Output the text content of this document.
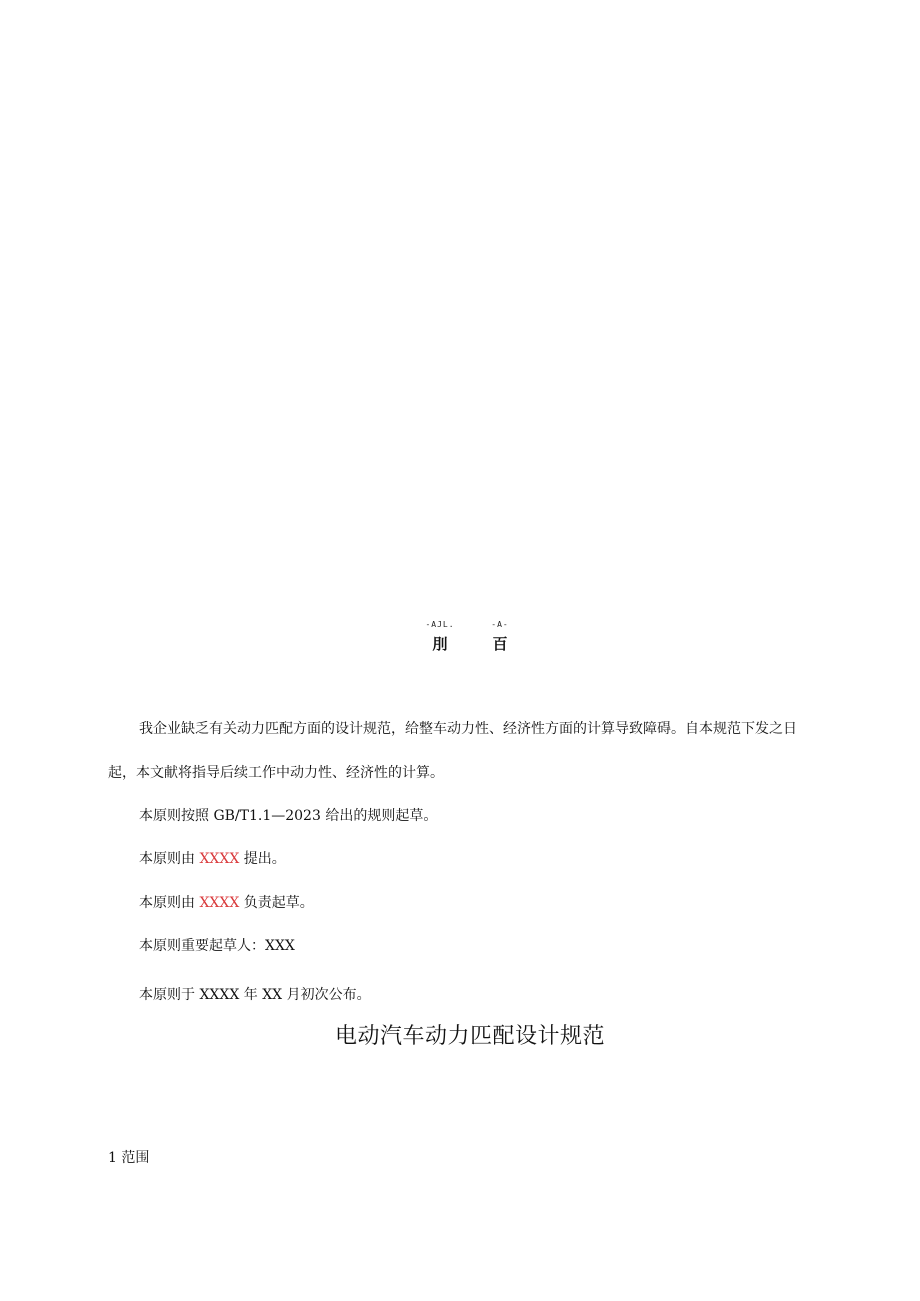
-AJL.
刖
-A-
百
我企业缺乏有关动力匹配方面的设计规范，给整车动力性、经济性方面的计算导致障碍。自本规范下发之日
起，本文献将指导后续工作中动力性、经济性的计算。
本原则按照 GB/T1.1—2023 给出的规则起草。
本原则由 XXXX 提出。
本原则由 XXXX 负责起草。
本原则重要起草人：XXX
本原则于 XXXX 年 XX 月初次公布。
电动汽车动力匹配设计规范
1 范围
